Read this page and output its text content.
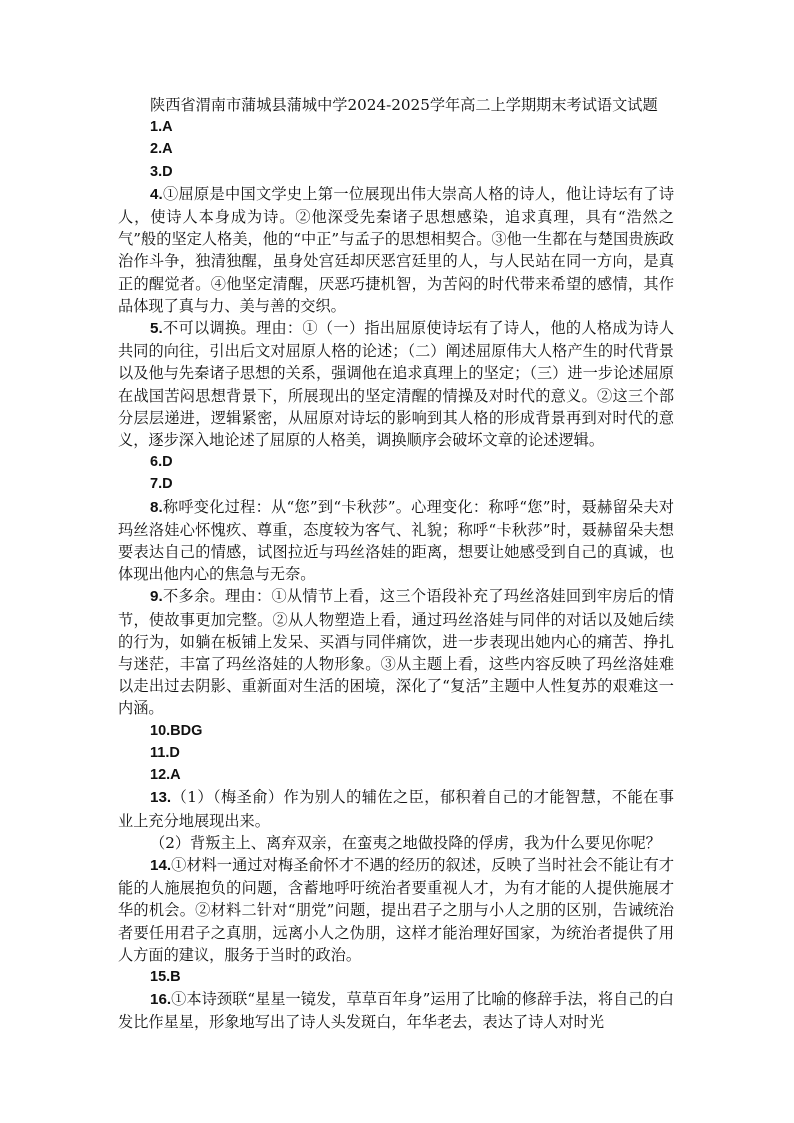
陕西省渭南市蒲城县蒲城中学2024-2025学年高二上学期期末考试语文试题

1.A

2.A

3.D

4.①屈原是中国文学史上第一位展现出伟大崇高人格的诗人，他让诗坛有了诗人，使诗人本身成为诗。②他深受先秦诸子思想感染，追求真理，具有“浩然之气”般的坚定人格美，他的“中正”与孟子的思想相契合。③他一生都在与楚国贵族政治作斗争，独清独醒，虽身处宫廷却厌恶宫廷里的人，与人民站在同一方向，是真正的醒觉者。④他坚定清醒，厌恶巧捷机智，为苦闷的时代带来希望的感情，其作品体现了真与力、美与善的交织。

5.不可以调换。理由：①（一）指出屈原使诗坛有了诗人，他的人格成为诗人共同的向往，引出后文对屈原人格的论述；（二）阐述屈原伟大人格产生的时代背景以及他与先秦诸子思想的关系，强调他在追求真理上的坚定；（三）进一步论述屈原在战国苦闷思想背景下，所展现出的坚定清醒的情操及对时代的意义。②这三个部分层层递进，逻辑紧密，从屈原对诗坛的影响到其人格的形成背景再到对时代的意义，逐步深入地论述了屈原的人格美，调换顺序会破坏文章的论述逻辑。

6.D

7.D

8.称呼变化过程：从“您”到“卡秋莎”。心理变化：称呼“您”时，聂赫留朵夫对玛丝洛娃心怀愧疚、尊重，态度较为客气、礼貌；称呼“卡秋莎”时，聂赫留朵夫想要表达自己的情感，试图拉近与玛丝洛娃的距离，想要让她感受到自己的真诚，也体现出他内心的焦急与无奈。

9.不多余。理由：①从情节上看，这三个语段补充了玛丝洛娃回到牢房后的情节，使故事更加完整。②从人物塑造上看，通过玛丝洛娃与同伴的对话以及她后续的行为，如躺在板铺上发呆、买酒与同伴痛饮，进一步表现出她内心的痛苦、挣扎与迷茫，丰富了玛丝洛娃的人物形象。③从主题上看，这些内容反映了玛丝洛娃难以走出过去阴影、重新面对生活的困境，深化了“复活”主题中人性复苏的艰难这一内涵。

10.BDG

11.D

12.A

13.（1）（梅圣俞）作为别人的辅佐之臣，郁积着自己的才能智慧，不能在事业上充分地展现出来。

（2）背叛主上、离弃双亲，在蛮夷之地做投降的俘虏，我为什么要见你呢？

14.①材料一通过对梅圣俞怀才不遇的经历的叙述，反映了当时社会不能让有才能的人施展抱负的问题，含蓄地呼吁统治者要重视人才，为有才能的人提供施展才华的机会。②材料二针对“朋党”问题，提出君子之朋与小人之朋的区别，告诫统治者要任用君子之真朋，远离小人之伪朋，这样才能治理好国家，为统治者提供了用人方面的建议，服务于当时的政治。

15.B

16.①本诗颈联“星星一镜发，草草百年身”运用了比喻的修辞手法，将自己的白发比作星星，形象地写出了诗人头发斑白，年华老去，表达了诗人对时光
